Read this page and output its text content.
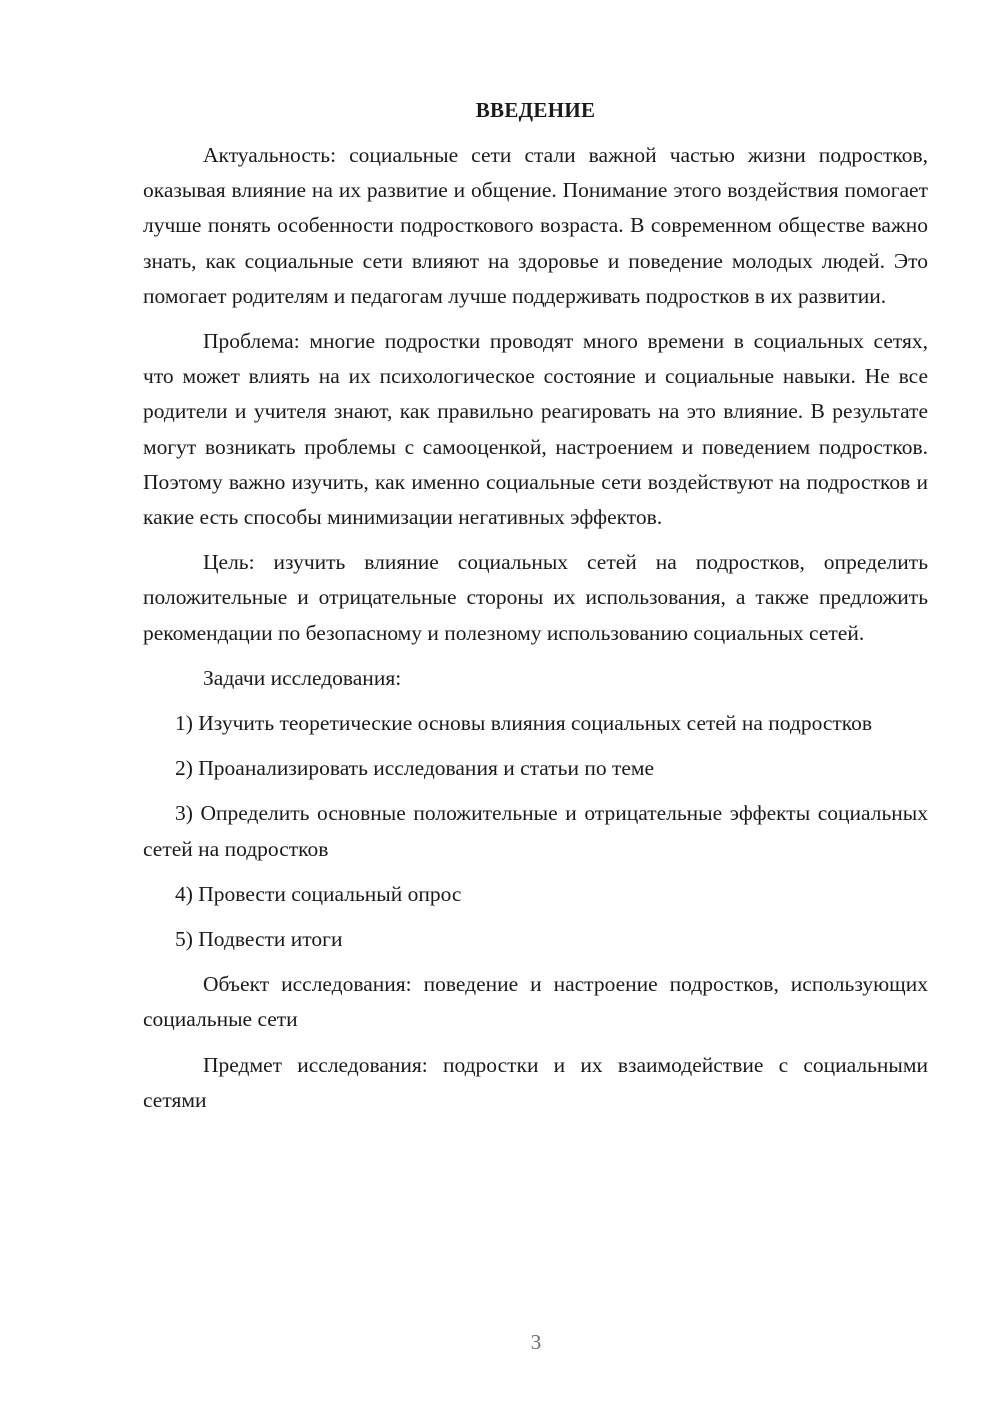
ВВЕДЕНИЕ

Актуальность: социальные сети стали важной частью жизни подростков, оказывая влияние на их развитие и общение. Понимание этого воздействия помогает лучше понять особенности подросткового возраста. В современном обществе важно знать, как социальные сети влияют на здоровье и поведение молодых людей. Это помогает родителям и педагогам лучше поддерживать подростков в их развитии.

Проблема: многие подростки проводят много времени в социальных сетях, что может влиять на их психологическое состояние и социальные навыки. Не все родители и учителя знают, как правильно реагировать на это влияние. В результате могут возникать проблемы с самооценкой, настроением и поведением подростков. Поэтому важно изучить, как именно социальные сети воздействуют на подростков и какие есть способы минимизации негативных эффектов.

Цель: изучить влияние социальных сетей на подростков, определить положительные и отрицательные стороны их использования, а также предложить рекомендации по безопасному и полезному использованию социальных сетей.

Задачи исследования:

1) Изучить теоретические основы влияния социальных сетей на подростков

2) Проанализировать исследования и статьи по теме

3) Определить основные положительные и отрицательные эффекты социальных сетей на подростков

4) Провести социальный опрос

5) Подвести итоги

Объект исследования: поведение и настроение подростков, использующих социальные сети

Предмет исследования: подростки и их взаимодействие с социальными сетями

3
